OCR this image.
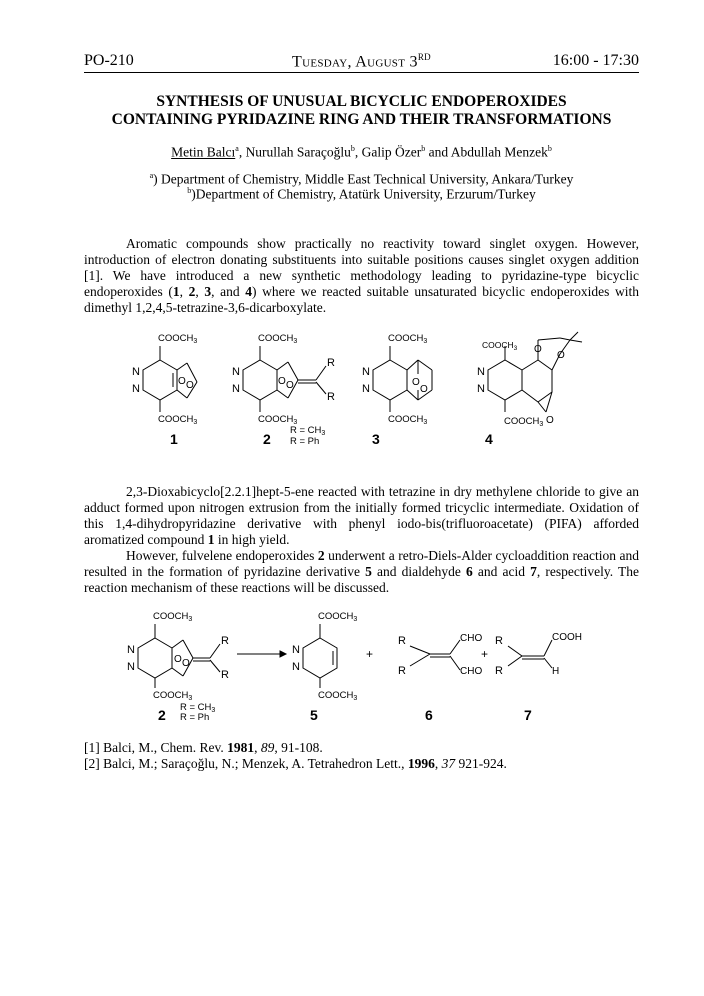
PO-210	Tuesday, August 3RD	16:00 - 17:30
SYNTHESIS OF UNUSUAL BICYCLIC ENDOPEROXIDES
CONTAINING PYRIDAZINE RING AND THEIR TRANSFORMATIONS
Metin Balcı$^a$, Nurullah Saraçoğlu$^b$, Galip Özer$^b$ and Abdullah Menzek$^b$
$^a$) Department of Chemistry, Middle East Technical University, Ankara/Turkey
$^b$)Department of Chemistry, Atatürk University, Erzurum/Turkey
Aromatic compounds show practically no reactivity toward singlet oxygen. However, introduction of electron donating substituents into suitable positions causes singlet oxygen addition [1]. We have introduced a new synthetic methodology leading to pyridazine-type bicyclic endoperoxides (1, 2, 3, and 4) where we reacted suitable unsaturated bicyclic endoperoxides with dimethyl 1,2,4,5-tetrazine-3,6-dicarboxylate.
$COOCH_3$
$COOCH_3$
N
N
O O
$COOCH_3$
$COOCH_3$
N
N
O O
R
R
$COOCH_3$
$COOCH_3$
N
N
O
O
$COOCH_3$
$COOCH_3$
N
N
O
O
O
$R = CH_3$
R = Ph
1	2	3	4
2,3-Dioxabicyclo[2.2.1]hept-5-ene reacted with tetrazine in dry methylene chloride to give an adduct formed upon nitrogen extrusion from the initially formed tricyclic intermediate. Oxidation of this 1,4-dihydropyridazine derivative with phenyl iodo-bis(trifluoroacetate) (PIFA) afforded aromatized compound 1 in high yield.
However, fulvelene endoperoxides 2 underwent a retro-Diels-Alder cycloaddition reaction and resulted in the formation of pyridazine derivative 5 and dialdehyde 6 and acid 7, respectively. The reaction mechanism of these reactions will be discussed.
$COOCH_3$
$COOCH_3$
N
N
O O
R
R
$COOCH_3$
$COOCH_3$
N
N
+
R
R
CHO
CHO
+
R
R
COOH
H
$R = CH_3$
R = Ph
2	5	6	7
[1] Balci, M., Chem. Rev. 1981, 89, 91-108.
[2] Balci, M.; Saraçoğlu, N.; Menzek, A. Tetrahedron Lett., 1996, 37 921-924.
